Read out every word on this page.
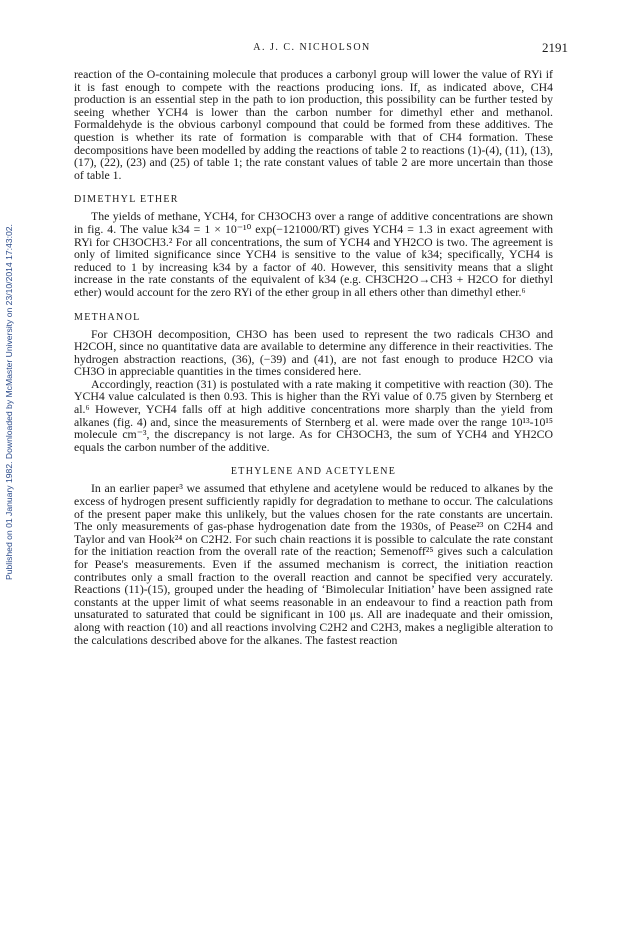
A. J. C. NICHOLSON	2191
Published on 01 January 1982. Downloaded by McMaster University on 23/10/2014 17:43:02.

reaction of the O-containing molecule that produces a carbonyl group will lower the value of RYi if it is fast enough to compete with the reactions producing ions. If, as indicated above, CH4 production is an essential step in the path to ion production, this possibility can be further tested by seeing whether YCH4 is lower than the carbon number for dimethyl ether and methanol. Formaldehyde is the obvious carbonyl compound that could be formed from these additives. The question is whether its rate of formation is comparable with that of CH4 formation. These decompositions have been modelled by adding the reactions of table 2 to reactions (1)-(4), (11), (13), (17), (22), (23) and (25) of table 1; the rate constant values of table 2 are more uncertain than those of table 1.

DIMETHYL ETHER

The yields of methane, YCH4, for CH3OCH3 over a range of additive concentrations are shown in fig. 4. The value k34 = 1 × 10⁻¹⁰ exp(−121000/RT) gives YCH4 = 1.3 in exact agreement with RYi for CH3OCH3.² For all concentrations, the sum of YCH4 and YH2CO is two. The agreement is only of limited significance since YCH4 is sensitive to the value of k34; specifically, YCH4 is reduced to 1 by increasing k34 by a factor of 40. However, this sensitivity means that a slight increase in the rate constants of the equivalent of k34 (e.g. CH3CH2O→CH3 + H2CO for diethyl ether) would account for the zero RYi of the ether group in all ethers other than dimethyl ether.⁶

METHANOL

For CH3OH decomposition, CH3O has been used to represent the two radicals CH3O and H2COH, since no quantitative data are available to determine any difference in their reactivities. The hydrogen abstraction reactions, (36), (−39) and (41), are not fast enough to produce H2CO via CH3O in appreciable quantities in the times considered here.

Accordingly, reaction (31) is postulated with a rate making it competitive with reaction (30). The YCH4 value calculated is then 0.93. This is higher than the RYi value of 0.75 given by Sternberg et al.⁶ However, YCH4 falls off at high additive concentrations more sharply than the yield from alkanes (fig. 4) and, since the measurements of Sternberg et al. were made over the range 10¹³-10¹⁵ molecule cm⁻³, the discrepancy is not large. As for CH3OCH3, the sum of YCH4 and YH2CO equals the carbon number of the additive.

ETHYLENE AND ACETYLENE

In an earlier paper³ we assumed that ethylene and acetylene would be reduced to alkanes by the excess of hydrogen present sufficiently rapidly for degradation to methane to occur. The calculations of the present paper make this unlikely, but the values chosen for the rate constants are uncertain. The only measurements of gas-phase hydrogenation date from the 1930s, of Pease²³ on C2H4 and Taylor and van Hook²⁴ on C2H2. For such chain reactions it is possible to calculate the rate constant for the initiation reaction from the overall rate of the reaction; Semenoff²⁵ gives such a calculation for Pease's measurements. Even if the assumed mechanism is correct, the initiation reaction contributes only a small fraction to the overall reaction and cannot be specified very accurately. Reactions (11)-(15), grouped under the heading of ‘Bimolecular Initiation’ have been assigned rate constants at the upper limit of what seems reasonable in an endeavour to find a reaction path from unsaturated to saturated that could be significant in 100 μs. All are inadequate and their omission, along with reaction (10) and all reactions involving C2H2 and C2H3, makes a negligible alteration to the calculations described above for the alkanes. The fastest reaction
